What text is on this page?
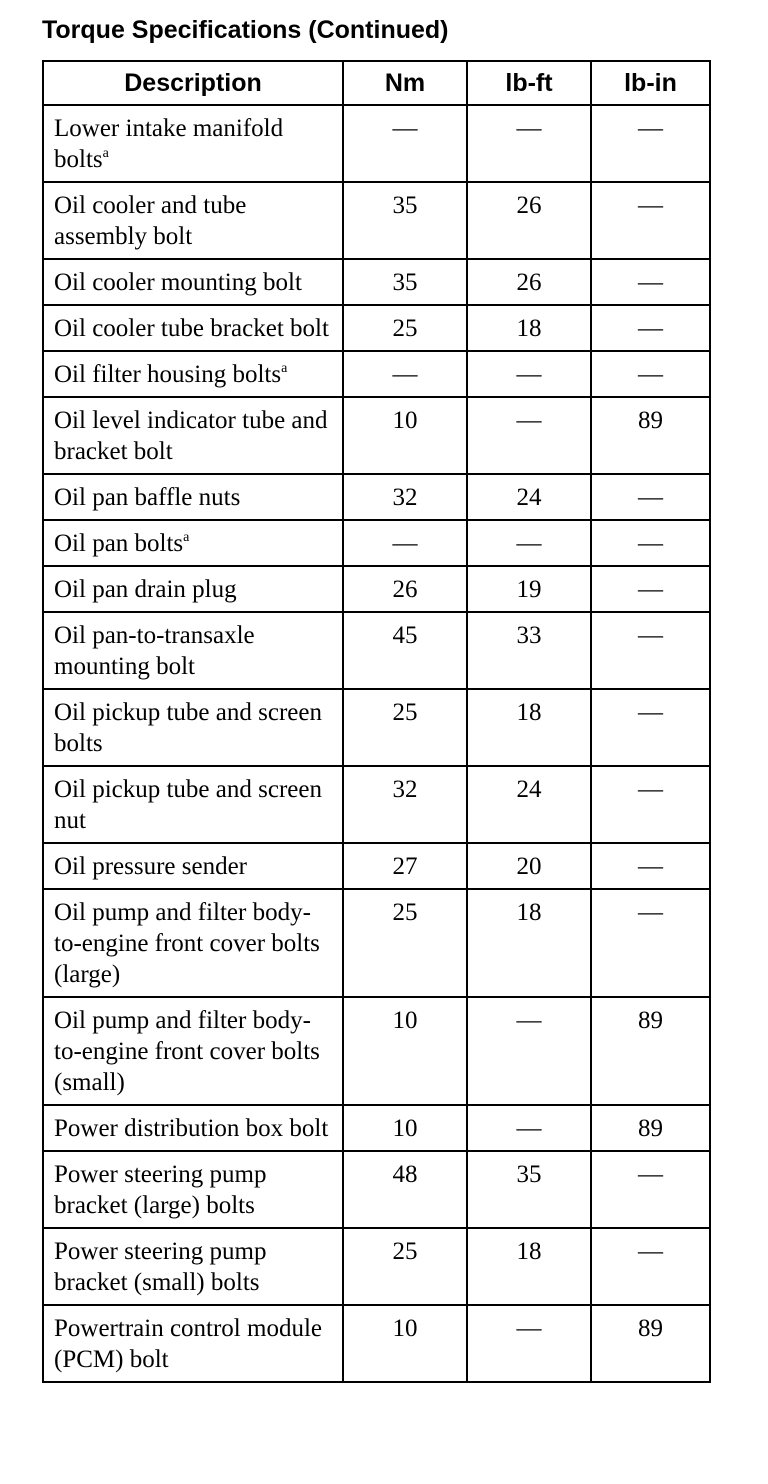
Torque Specifications (Continued)
Description	Nm	lb-ft	lb-in
Lower intake manifold bolts$^a$	—	—	—
Oil cooler and tube assembly bolt	35	26	—
Oil cooler mounting bolt	35	26	—
Oil cooler tube bracket bolt	25	18	—
Oil filter housing bolts$^a$	—	—	—
Oil level indicator tube and bracket bolt	10	—	89
Oil pan baffle nuts	32	24	—
Oil pan bolts$^a$	—	—	—
Oil pan drain plug	26	19	—
Oil pan-to-transaxle mounting bolt	45	33	—
Oil pickup tube and screen bolts	25	18	—
Oil pickup tube and screen nut	32	24	—
Oil pressure sender	27	20	—
Oil pump and filter body-to-engine front cover bolts (large)	25	18	—
Oil pump and filter body-to-engine front cover bolts (small)	10	—	89
Power distribution box bolt	10	—	89
Power steering pump bracket (large) bolts	48	35	—
Power steering pump bracket (small) bolts	25	18	—
Powertrain control module (PCM) bolt	10	—	89
